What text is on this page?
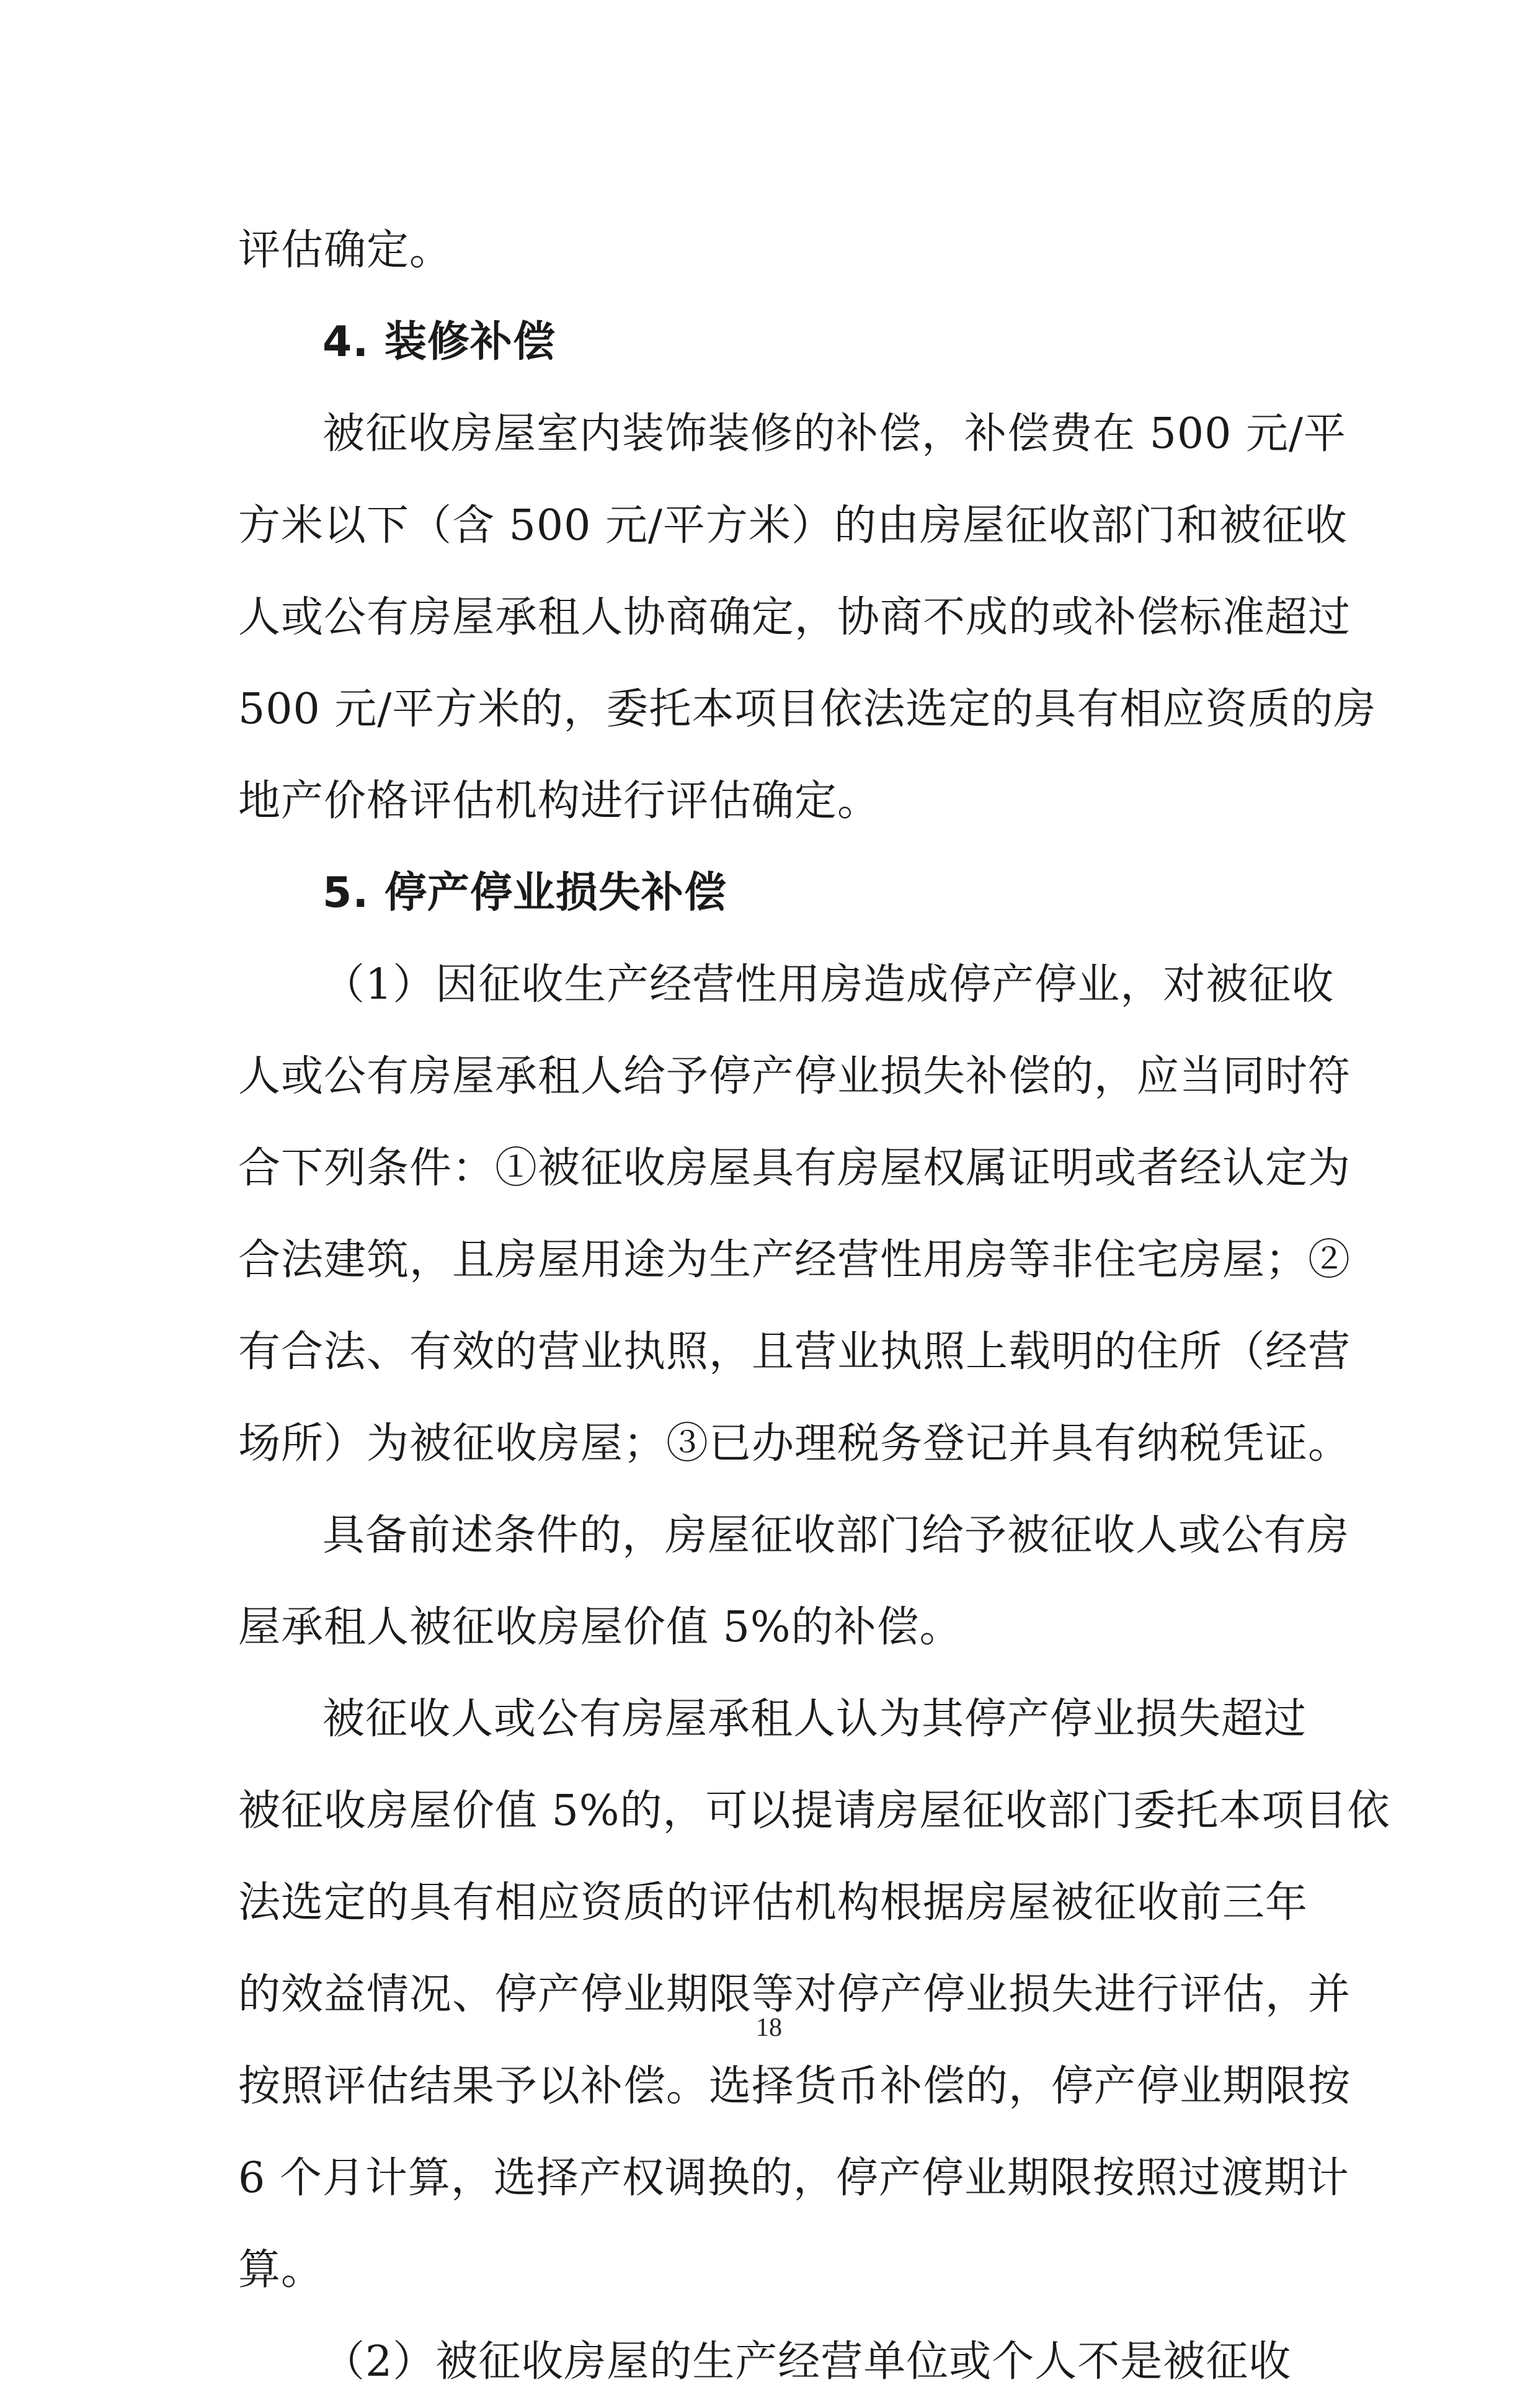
评估确定。
4. 装修补偿
被征收房屋室内装饰装修的补偿，补偿费在 500 元/平
方米以下（含 500 元/平方米）的由房屋征收部门和被征收
人或公有房屋承租人协商确定，协商不成的或补偿标准超过
500 元/平方米的，委托本项目依法选定的具有相应资质的房
地产价格评估机构进行评估确定。
5. 停产停业损失补偿
（1）因征收生产经营性用房造成停产停业，对被征收
人或公有房屋承租人给予停产停业损失补偿的，应当同时符
合下列条件：①被征收房屋具有房屋权属证明或者经认定为
合法建筑，且房屋用途为生产经营性用房等非住宅房屋；②
有合法、有效的营业执照，且营业执照上载明的住所（经营
场所）为被征收房屋；③已办理税务登记并具有纳税凭证。
具备前述条件的，房屋征收部门给予被征收人或公有房
屋承租人被征收房屋价值 5%的补偿。
被征收人或公有房屋承租人认为其停产停业损失超过
被征收房屋价值 5%的，可以提请房屋征收部门委托本项目依
法选定的具有相应资质的评估机构根据房屋被征收前三年
的效益情况、停产停业期限等对停产停业损失进行评估，并
按照评估结果予以补偿。选择货币补偿的，停产停业期限按
6 个月计算，选择产权调换的，停产停业期限按照过渡期计
算。
（2）被征收房屋的生产经营单位或个人不是被征收
18
